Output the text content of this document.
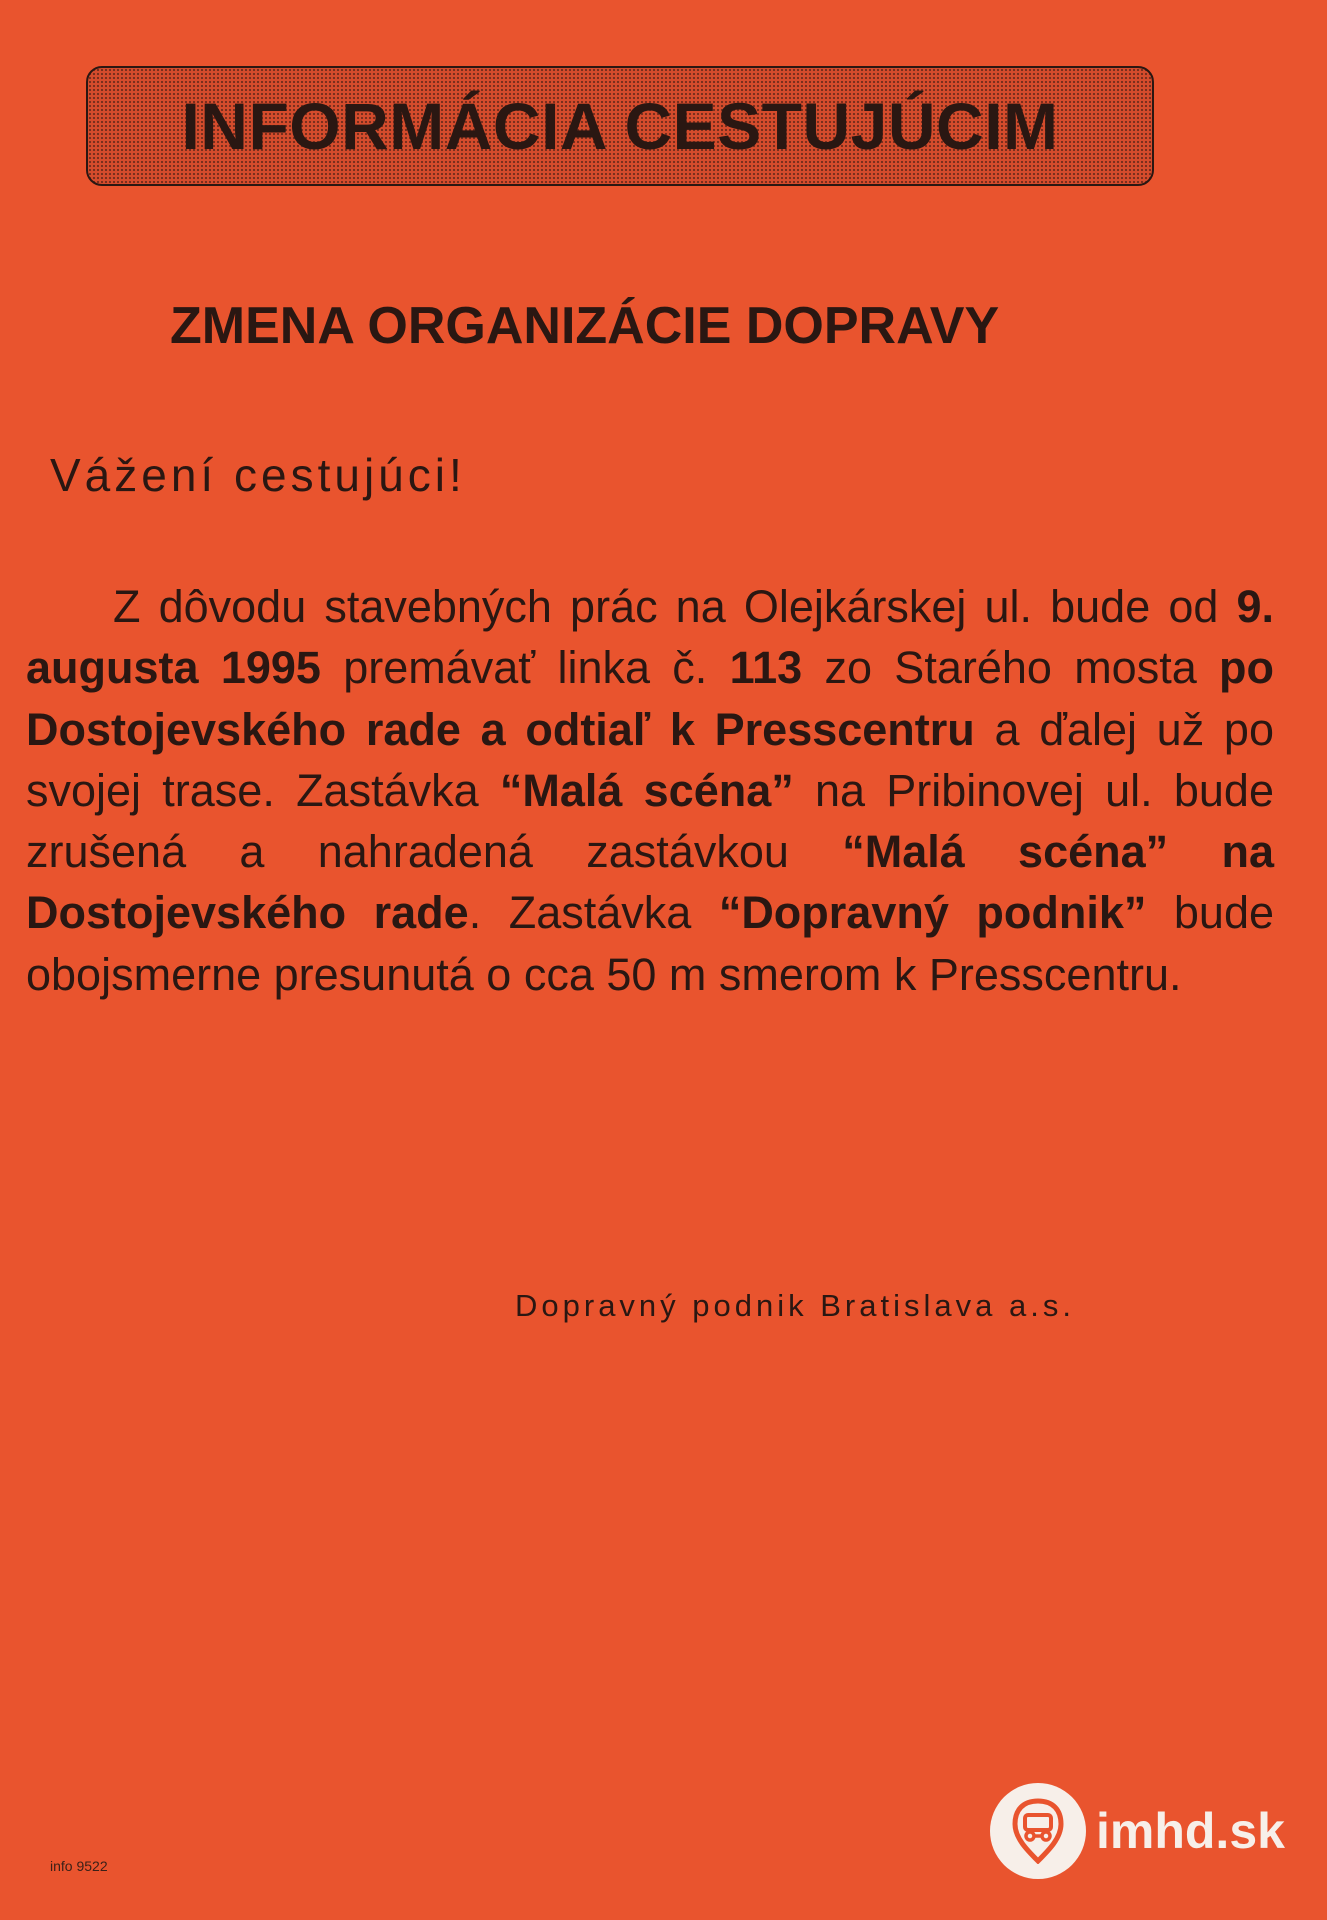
INFORMÁCIA CESTUJÚCIM
ZMENA ORGANIZÁCIE DOPRAVY
Vážení cestujúci!

Z dôvodu stavebných prác na Olejkárskej ul. bude od 9. augusta 1995 premávať linka č. 113 zo Starého mosta po Dostojevského rade a odtiaľ k Presscentru a ďalej už po svojej trase. Zastávka “Malá scéna” na Pribinovej ul. bude zrušená a nahradená zastávkou “Malá scéna” na Dostojevského rade. Zastávka “Dopravný podnik” bude obojsmerne presunutá o cca 50 m smerom k Presscentru.

Dopravný podnik Bratislava a.s.
info 9522
imhd.sk
